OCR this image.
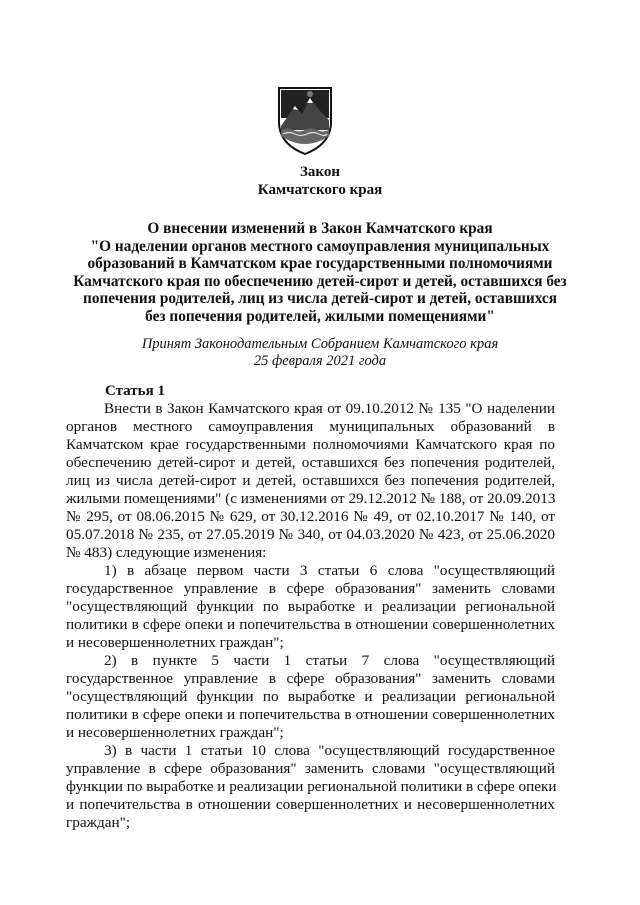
Закон
Камчатского края
О внесении изменений в Закон Камчатского края
"О наделении органов местного самоуправления муниципальных
образований в Камчатском крае государственными полномочиями
Камчатского края по обеспечению детей-сирот и детей, оставшихся без
попечения родителей, лиц из числа детей-сирот и детей, оставшихся
без попечения родителей, жилыми помещениями"
Принят Законодательным Собранием Камчатского края
25 февраля 2021 года
Статья 1
Внести в Закон Камчатского края от 09.10.2012 № 135 "О наделении
органов местного самоуправления муниципальных образований в
Камчатском крае государственными полномочиями Камчатского края по
обеспечению детей-сирот и детей, оставшихся без попечения родителей,
лиц из числа детей-сирот и детей, оставшихся без попечения родителей,
жилыми помещениями" (с изменениями от 29.12.2012 № 188, от 20.09.2013
№ 295, от 08.06.2015 № 629, от 30.12.2016 № 49, от 02.10.2017 № 140, от
05.07.2018 № 235, от 27.05.2019 № 340, от 04.03.2020 № 423, от 25.06.2020
№ 483) следующие изменения:
1) в абзаце первом части 3 статьи 6 слова "осуществляющий
государственное управление в сфере образования" заменить словами
"осуществляющий функции по выработке и реализации региональной
политики в сфере опеки и попечительства в отношении совершеннолетних
и несовершеннолетних граждан";
2) в пункте 5 части 1 статьи 7 слова "осуществляющий
государственное управление в сфере образования" заменить словами
"осуществляющий функции по выработке и реализации региональной
политики в сфере опеки и попечительства в отношении совершеннолетних
и несовершеннолетних граждан";
3) в части 1 статьи 10 слова "осуществляющий государственное
управление в сфере образования" заменить словами "осуществляющий
функции по выработке и реализации региональной политики в сфере опеки
и попечительства в отношении совершеннолетних и несовершеннолетних
граждан";
